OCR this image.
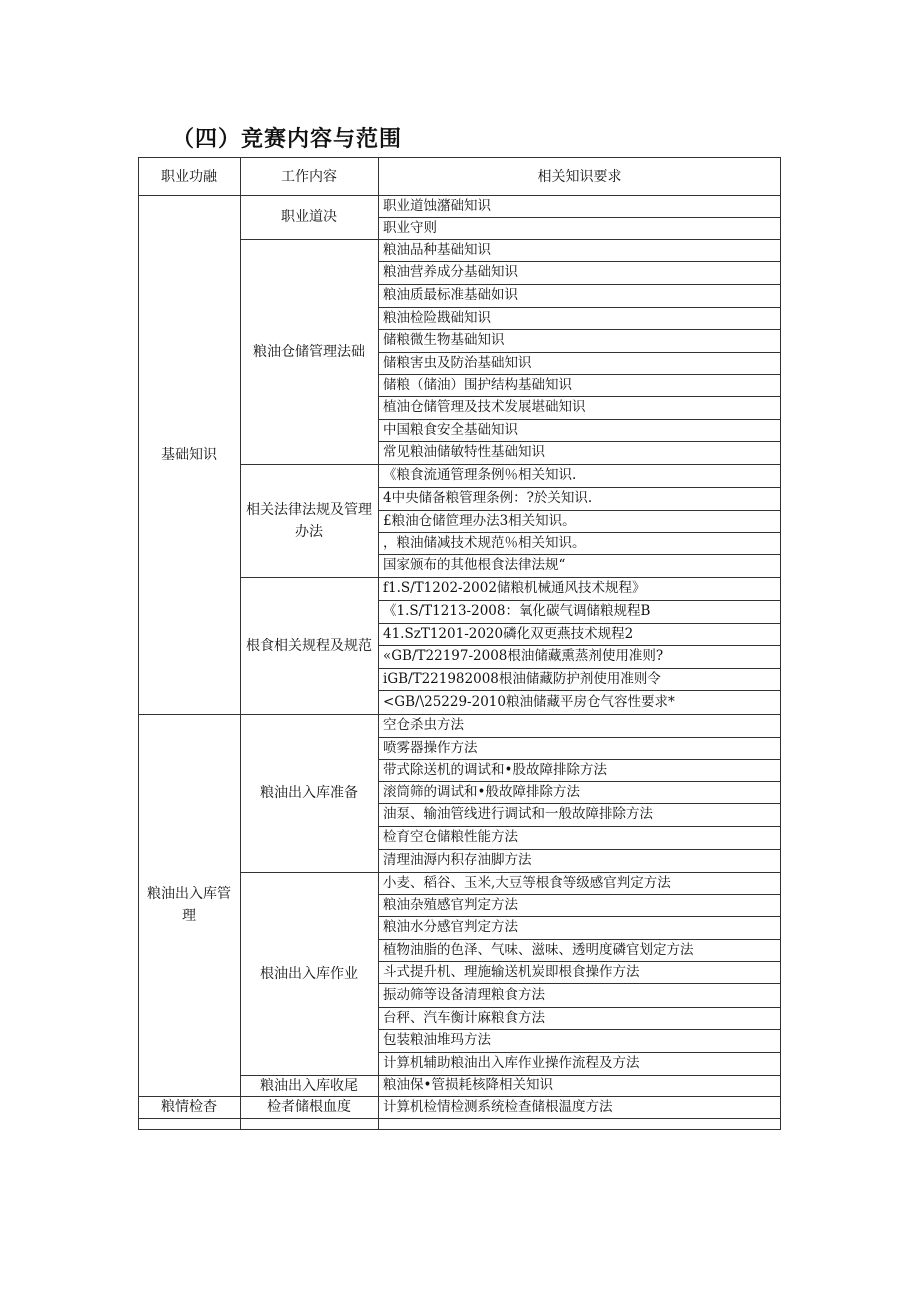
（四）竞赛内容与范围
职业功融	工作内容	相关知识要求
职业道蚀潴础知识
职业守则
职业道决
粮油品种基础知识
粮油营养成分基础知识
粮油质最标准基础如识
粮油检险戡础知识
储粮微生物基础知识
储粮害虫及防治基础知识
储粮（储油）围护结构基础知识
植油仓储管理及技术发展堪础知识
中国粮食安全基础知识
常见粮油储敏特性基础知识
粮油仓储管理法础
《粮食流通管理条例％相关知识.
4中央储备粮管理条例：?於关知识.
£粮油仓储笸理办法3相关知识。
，粮油储减技术规范％相关知识。
国家颁布的其他根食法律法规“
相关法律法规及管理办法
f1.S/T1202-2002储粮机械通风技术规程》
《1.S/T1213-2008：氧化碳气调储粮规程B
41.SzT1201-2020磷化双更燕技术规程2
«GB/T22197-2008根油储藏熏蒸剂使用准则?
iGB/T221982008根油储藏防护剂使用准则令
<GB/\25229-2010粮油储藏平房仓气容性要求*
根食相关规程及规范
基础知识
空仓杀虫方法
喷雾器操作方法
带式除送机的调试和•股故障排除方法
滚筒筛的调试和•般故障排除方法
油泵、输油管线进行调试和一般故障排除方法
检育空仓储粮性能方法
清理油溽内积存油脚方法
粮油出入库准备
小麦、稻谷、玉米,大豆等根食等级感官判定方法
粮油杂殖感官判定方法
粮油水分感官判定方法
植物油脂的色泽、气味、滋味、透明度磷官划定方法
斗式提升机、理施输送机炭即根食操作方法
振动筛等设备清理粮食方法
台秤、汽车衡计麻粮食方法
包装粮油堆玛方法
计算机辅助粮油出入库作业操作流程及方法
根油出入库作业
粮油保•管损耗核降相关知识
粮油出入库收尾
粮油出入库管理
计算机检情检测系统检查储根温度方法
检者储根血度
粮情检杳
